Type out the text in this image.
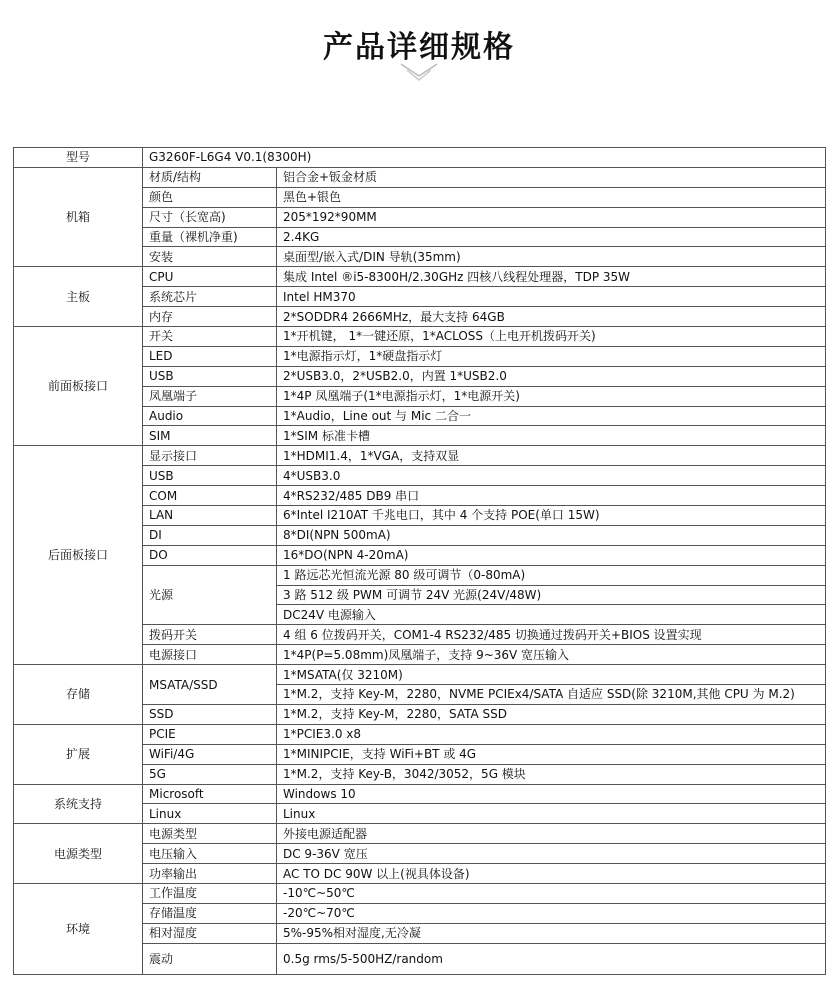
产品详细规格
型号	G3260F-L6G4 V0.1(8300H)	
机箱	材质/结构	铝合金+钣金材质
	颜色	黑色+银色
	尺寸（长宽高)	205*192*90MM
	重量（裸机净重)	2.4KG
	安装	桌面型/嵌入式/DIN 导轨(35mm)
主板	CPU	集成 Intel ®i5-8300H/2.30GHz 四核八线程处理器，TDP 35W
	系统芯片	Intel HM370
	内存	2*SODDR4 2666MHz，最大支持 64GB
前面板接口	开关	1*开机键， 1*一键还原，1*ACLOSS（上电开机拨码开关)
	LED	1*电源指示灯，1*硬盘指示灯
	USB	2*USB3.0，2*USB2.0，内置 1*USB2.0
	凤凰端子	1*4P 凤凰端子(1*电源指示灯，1*电源开关)
	Audio	1*Audio，Line out 与 Mic 二合一
	SIM	1*SIM 标准卡槽
后面板接口	显示接口	1*HDMI1.4，1*VGA，支持双显
	USB	4*USB3.0
	COM	4*RS232/485 DB9 串口
	LAN	6*Intel I210AT 千兆电口，其中 4 个支持 POE(单口 15W)
	DI	8*DI(NPN 500mA)
	DO	16*DO(NPN 4-20mA)
	光源	1 路远芯光恒流光源 80 级可调节（0-80mA)
		3 路 512 级 PWM 可调节 24V 光源(24V/48W)
		DC24V 电源输入
	拨码开关	4 组 6 位拨码开关，COM1-4 RS232/485 切换通过拨码开关+BIOS 设置实现
	电源接口	1*4P(P=5.08mm)凤凰端子，支持 9~36V 宽压输入
存储	MSATA/SSD	1*MSATA(仅 3210M)
		1*M.2，支持 Key-M，2280，NVME PCIEx4/SATA 自适应 SSD(除 3210M,其他 CPU 为 M.2)
	SSD	1*M.2，支持 Key-M，2280，SATA SSD
扩展	PCIE	1*PCIE3.0 x8
	WiFi/4G	1*MINIPCIE，支持 WiFi+BT 或 4G
	5G	1*M.2，支持 Key-B，3042/3052，5G 模块
系统支持	Microsoft	Windows 10
	Linux	Linux
电源类型	电源类型	外接电源适配器
	电压输入	DC 9-36V 宽压
	功率输出	AC TO DC 90W 以上(视具体设备)
环境	工作温度	-10℃~50℃
	存储温度	-20℃~70℃
	相对湿度	5%-95%相对湿度,无冷凝
	震动	0.5g rms/5-500HZ/random
